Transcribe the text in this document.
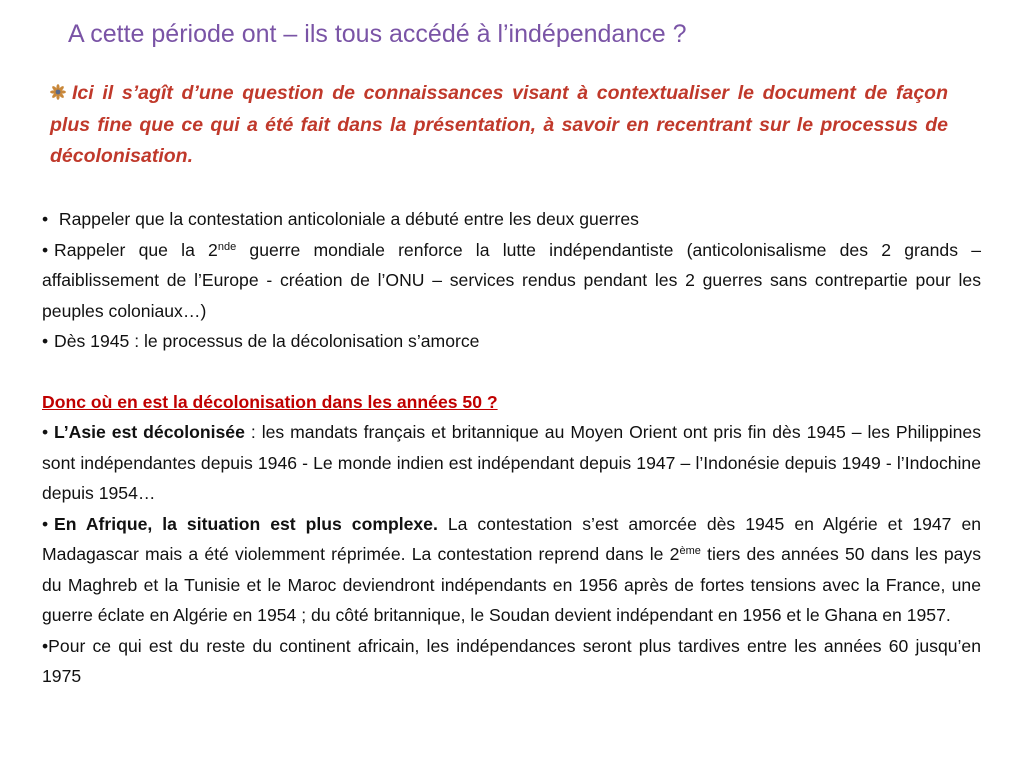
A cette période ont – ils tous accédé à l’indépendance ?
Ici il s’agît d’une question de connaissances visant à contextualiser le document de façon plus fine que ce qui a été fait dans la présentation, à savoir en recentrant sur le processus de décolonisation.

• Rappeler que la contestation anticoloniale a débuté entre les deux guerres

• Rappeler que la 2nde guerre mondiale renforce la lutte indépendantiste (anticolonisalisme des 2 grands –affaiblissement de l’Europe - création de l’ONU – services rendus pendant les 2 guerres sans contrepartie pour les peuples coloniaux…)

• Dès 1945 : le processus de la décolonisation s’amorce

Donc où en est la décolonisation dans les années 50 ?

• L’Asie est décolonisée : les mandats français et britannique au Moyen Orient ont pris fin dès 1945 – les Philippines sont indépendantes depuis 1946 - Le monde indien est indépendant depuis 1947 – l’Indonésie depuis 1949 - l’Indochine depuis 1954…

• En Afrique, la situation est plus complexe. La contestation s’est amorcée dès 1945 en Algérie et 1947 en Madagascar mais a été violemment réprimée. La contestation reprend dans le 2ème tiers des années 50 dans les pays du Maghreb et la Tunisie et le Maroc deviendront indépendants en 1956 après de fortes tensions avec la France, une guerre éclate en Algérie en 1954 ; du côté britannique, le Soudan devient indépendant en 1956 et le Ghana en 1957.

•Pour ce qui est du reste du continent africain, les indépendances seront plus tardives entre les années 60 jusqu’en 1975
